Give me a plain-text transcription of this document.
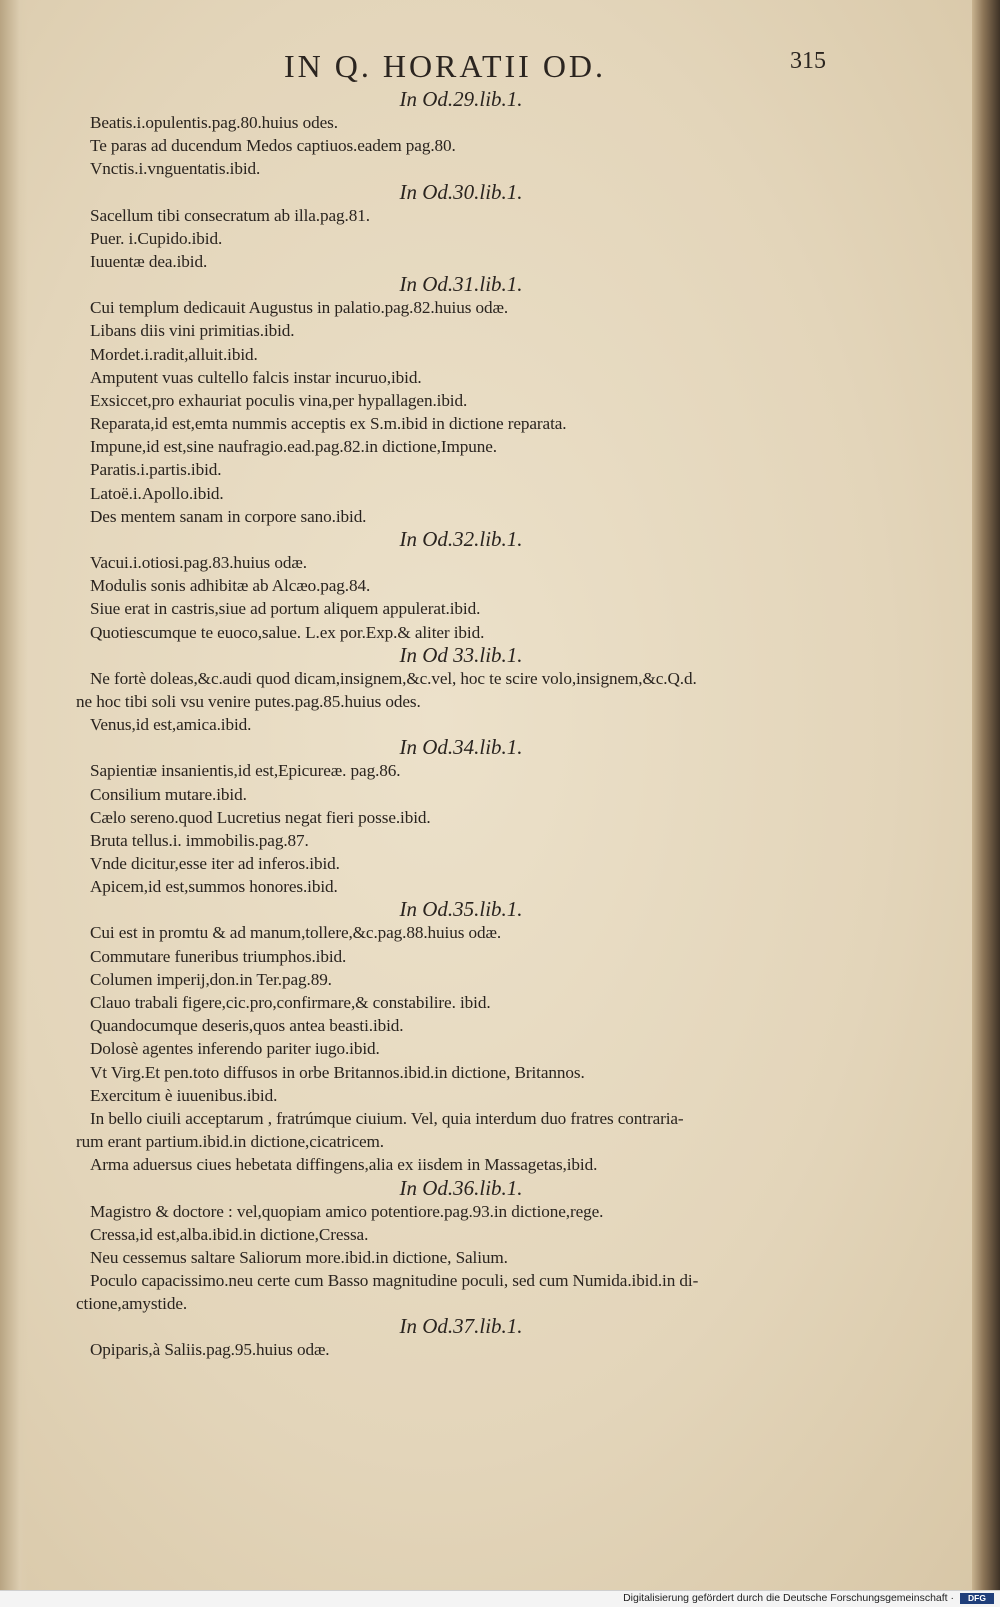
IN Q. HORATII OD.	315
In Od.29.lib.1.
Beatis.i.opulentis.pag.80.huius odes.
Te paras ad ducendum Medos captiuos.eadem pag.80.
Vnctis.i.vnguentatis.ibid.
In Od.30.lib.1.
Sacellum tibi consecratum ab illa.pag.81.
Puer. i.Cupido.ibid.
Iuuentæ dea.ibid.
In Od.31.lib.1.
Cui templum dedicauit Augustus in palatio.pag.82.huius odæ.
Libans diis vini primitias.ibid.
Mordet.i.radit,alluit.ibid.
Amputent vuas cultello falcis instar incuruo,ibid.
Exsiccet,pro exhauriat poculis vina,per hypallagen.ibid.
Reparata,id est,emta nummis acceptis ex S.m.ibid in dictione reparata.
Impune,id est,sine naufragio.ead.pag.82.in dictione,Impune.
Paratis.i.partis.ibid.
Latoë.i.Apollo.ibid.
Des mentem sanam in corpore sano.ibid.
In Od.32.lib.1.
Vacui.i.otiosi.pag.83.huius odæ.
Modulis sonis adhibitæ ab Alcæo.pag.84.
Siue erat in castris,siue ad portum aliquem appulerat.ibid.
Quotiescumque te euoco,salue. L.ex por.Exp.& aliter ibid.
In Od 33.lib.1.
Ne fortè doleas,&c.audi quod dicam,insignem,&c.vel, hoc te scire volo,insignem,&c.Q.d.
ne hoc tibi soli vsu venire putes.pag.85.huius odes.
Venus,id est,amica.ibid.
In Od.34.lib.1.
Sapientiæ insanientis,id est,Epicureæ. pag.86.
Consilium mutare.ibid.
Cælo sereno.quod Lucretius negat fieri posse.ibid.
Bruta tellus.i. immobilis.pag.87.
Vnde dicitur,esse iter ad inferos.ibid.
Apicem,id est,summos honores.ibid.
In Od.35.lib.1.
Cui est in promtu & ad manum,tollere,&c.pag.88.huius odæ.
Commutare funeribus triumphos.ibid.
Columen imperij,don.in Ter.pag.89.
Clauo trabali figere,cic.pro,confirmare,& constabilire. ibid.
Quandocumque deseris,quos antea beasti.ibid.
Dolosè agentes inferendo pariter iugo.ibid.
Vt Virg.Et pen.toto diffusos in orbe Britannos.ibid.in dictione, Britannos.
Exercitum è iuuenibus.ibid.
In bello ciuili acceptarum , fratrúmque ciuium. Vel, quia interdum duo fratres contraria-
rum erant partium.ibid.in dictione,cicatricem.
Arma aduersus ciues hebetata diffingens,alia ex iisdem in Massagetas,ibid.
In Od.36.lib.1.
Magistro & doctore : vel,quopiam amico potentiore.pag.93.in dictione,rege.
Cressa,id est,alba.ibid.in dictione,Cressa.
Neu cessemus saltare Saliorum more.ibid.in dictione, Salium.
Poculo capacissimo.neu certe cum Basso magnitudine poculi, sed cum Numida.ibid.in di-
ctione,amystide.
In Od.37.lib.1.
Opiparis,à Saliis.pag.95.huius odæ.
Digitalisierung gefördert durch die Deutsche Forschungsgemeinschaft ·	DFG
